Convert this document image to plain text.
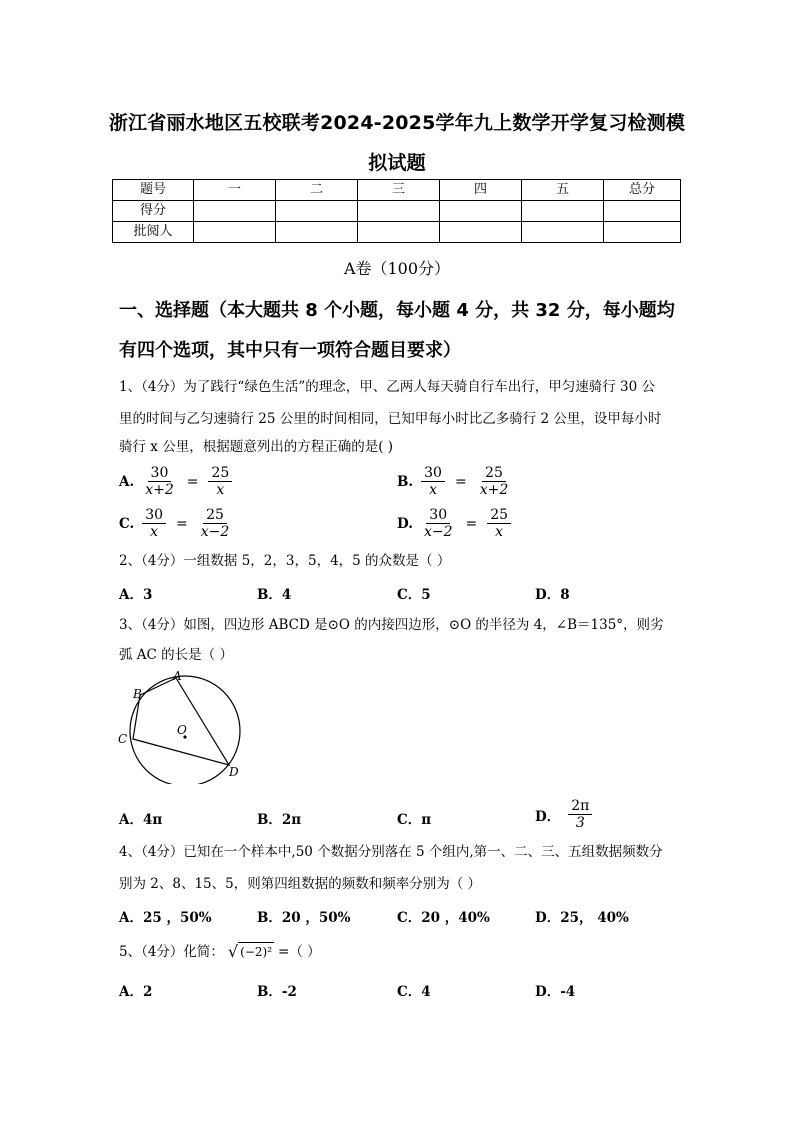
浙江省丽水地区五校联考2024-2025学年九上数学开学复习检测模
拟试题
题号	一	二	三	四	五	总分
得分						
批阅人						
A卷（100分）
一、选择题（本大题共 8 个小题，每小题 4 分，共 32 分，每小题均
有四个选项，其中只有一项符合题目要求）
1、（4分）为了践行“绿色生活”的理念，甲、乙两人每天骑自行车出行，甲匀速骑行 30 公
里的时间与乙匀速骑行 25 公里的时间相同，已知甲每小时比乙多骑行 2 公里，设甲每小时
骑行 x 公里，根据题意列出的方程正确的是( )
A. $\frac{30}{x+2} = \frac{25}{x}$	B. $\frac{30}{x} = \frac{25}{x+2}$
C. $\frac{30}{x} = \frac{25}{x-2}$	D. $\frac{30}{x-2} = \frac{25}{x}$
2、（4分）一组数据 5，2，3，5，4，5 的众数是（ ）
A．3	B．4	C．5	D．8
3、（4分）如图，四边形 ABCD 是⊙O 的内接四边形，⊙O 的半径为 4，∠B＝135°，则劣
弧 AC 的长是（ ）
A
B
C
D
O
A．4π	B．2π	C．π	D． $\frac{2\pi}{3}$
4、（4分）已知在一个样本中,50 个数据分别落在 5 个组内,第一、二、三、五组数据频数分
别为 2、8、15、5，则第四组数据的频数和频率分别为（ ）
A．25 ，50%	B．20 ，50%	C．20 ，40%	D．25， 40%
5、（4分）化简： √ (−2)² =（ ）
A．2	B．-2	C．4	D．-4
